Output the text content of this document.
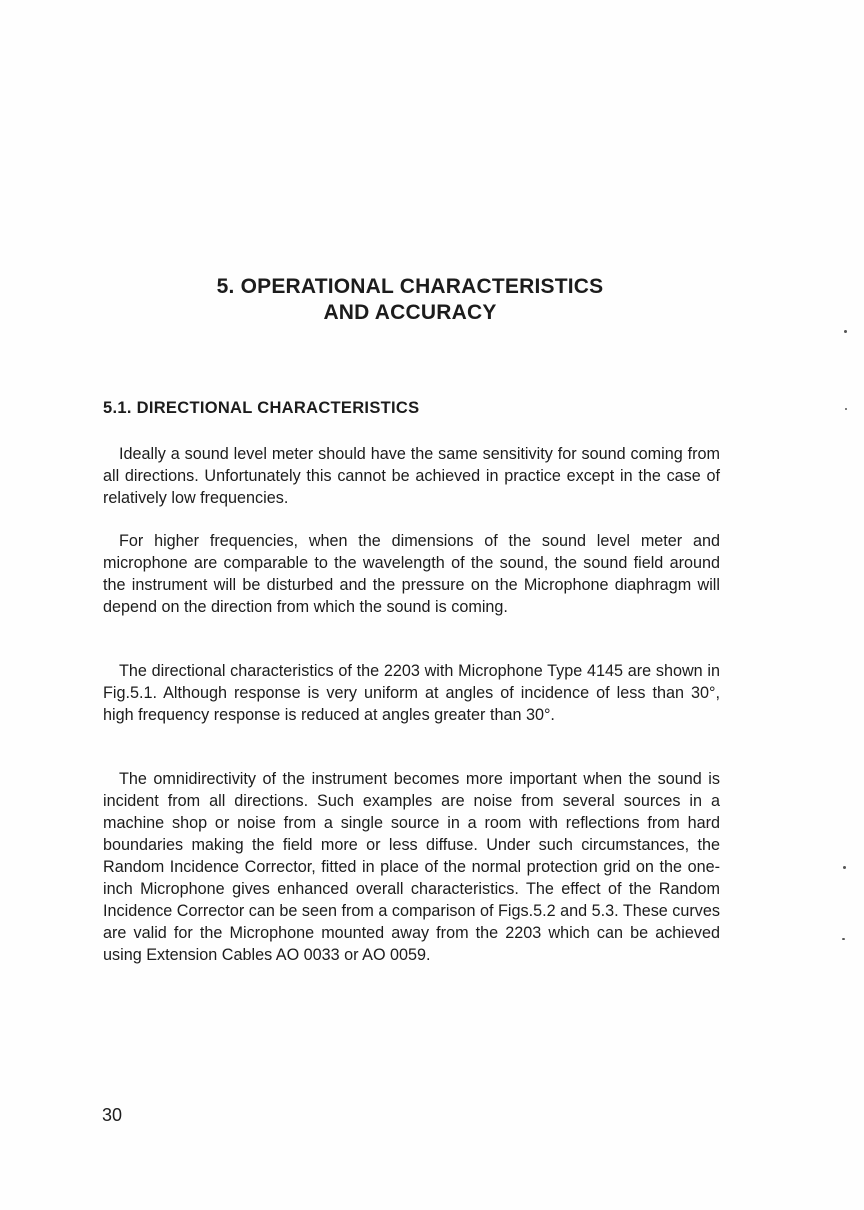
5. OPERATIONAL CHARACTERISTICS
AND ACCURACY
5.1. DIRECTIONAL CHARACTERISTICS

Ideally a sound level meter should have the same sensitivity for sound coming from all directions. Unfortunately this cannot be achieved in practice except in the case of relatively low frequencies.

For higher frequencies, when the dimensions of the sound level meter and microphone are comparable to the wavelength of the sound, the sound field around the instrument will be disturbed and the pressure on the Microphone diaphragm will depend on the direction from which the sound is coming.

The directional characteristics of the 2203 with Microphone Type 4145 are shown in Fig.5.1. Although response is very uniform at angles of incidence of less than 30°, high frequency response is reduced at angles greater than 30°.

The omnidirectivity of the instrument becomes more important when the sound is incident from all directions. Such examples are noise from several sources in a machine shop or noise from a single source in a room with reflections from hard boundaries making the field more or less diffuse. Under such circumstances, the Random Incidence Corrector, fitted in place of the normal protection grid on the one-inch Microphone gives enhanced overall characteristics. The effect of the Random Incidence Corrector can be seen from a comparison of Figs.5.2 and 5.3. These curves are valid for the Microphone mounted away from the 2203 which can be achieved using Extension Cables AO 0033 or AO 0059.

30
